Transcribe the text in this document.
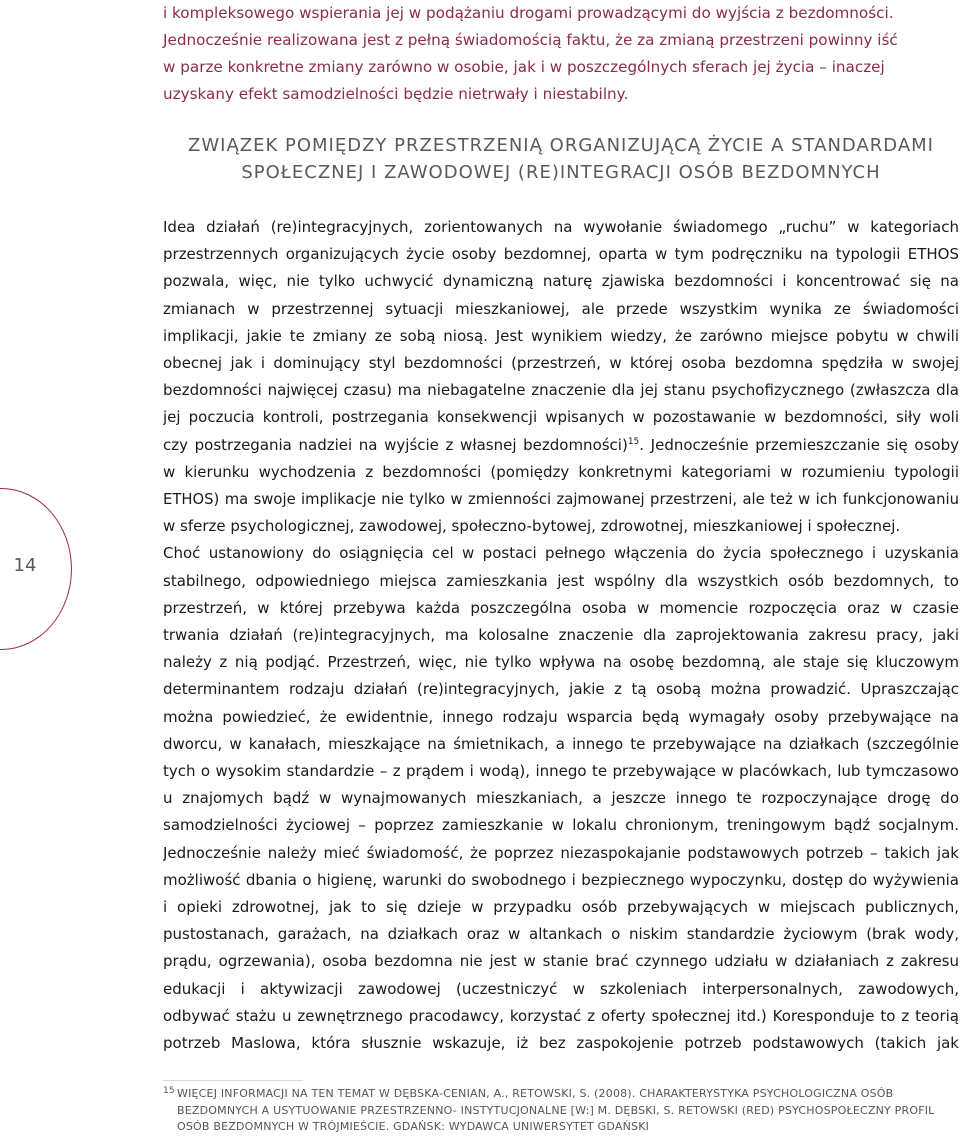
i kompleksowego wspierania jej w podążaniu drogami prowadzącymi do wyjścia z bezdomności.
Jednocześnie realizowana jest z pełną świadomością faktu, że za zmianą przestrzeni powinny iść
w parze konkretne zmiany zarówno w osobie, jak i w poszczególnych sferach jej życia – inaczej
uzyskany efekt samodzielności będzie nietrwały i niestabilny.
ZWIĄZEK POMIĘDZY PRZESTRZENIĄ ORGANIZUJĄCĄ ŻYCIE A STANDARDAMI
SPOŁECZNEJ I ZAWODOWEJ (RE)INTEGRACJI OSÓB BEZDOMNYCH
Idea działań (re)integracyjnych, zorientowanych na wywołanie świadomego „ruchu” w kategoriach
przestrzennych organizujących życie osoby bezdomnej, oparta w tym podręczniku na typologii ETHOS
pozwala, więc, nie tylko uchwycić dynamiczną naturę zjawiska bezdomności i koncentrować się na
zmianach w przestrzennej sytuacji mieszkaniowej, ale przede wszystkim wynika ze świadomości
implikacji, jakie te zmiany ze sobą niosą. Jest wynikiem wiedzy, że zarówno miejsce pobytu w chwili
obecnej jak i dominujący styl bezdomności (przestrzeń, w której osoba bezdomna spędziła w swojej
bezdomności najwięcej czasu) ma niebagatelne znaczenie dla jej stanu psychofizycznego (zwłaszcza dla
jej poczucia kontroli, postrzegania konsekwencji wpisanych w pozostawanie w bezdomności, siły woli
czy postrzegania nadziei na wyjście z własnej bezdomności)$^{15}$. Jednocześnie przemieszczanie się osoby
w kierunku wychodzenia z bezdomności (pomiędzy konkretnymi kategoriami w rozumieniu typologii
ETHOS) ma swoje implikacje nie tylko w zmienności zajmowanej przestrzeni, ale też w ich funkcjonowaniu
w sferze psychologicznej, zawodowej, społeczno-bytowej, zdrowotnej, mieszkaniowej i społecznej.
Choć ustanowiony do osiągnięcia cel w postaci pełnego włączenia do życia społecznego i uzyskania
stabilnego, odpowiedniego miejsca zamieszkania jest wspólny dla wszystkich osób bezdomnych, to
przestrzeń, w której przebywa każda poszczególna osoba w momencie rozpoczęcia oraz w czasie
trwania działań (re)integracyjnych, ma kolosalne znaczenie dla zaprojektowania zakresu pracy, jaki
należy z nią podjąć. Przestrzeń, więc, nie tylko wpływa na osobę bezdomną, ale staje się kluczowym
determinantem rodzaju działań (re)integracyjnych, jakie z tą osobą można prowadzić. Upraszczając
można powiedzieć, że ewidentnie, innego rodzaju wsparcia będą wymagały osoby przebywające na
dworcu, w kanałach, mieszkające na śmietnikach, a innego te przebywające na działkach (szczególnie
tych o wysokim standardzie – z prądem i wodą), innego te przebywające w placówkach, lub tymczasowo
u znajomych bądź w wynajmowanych mieszkaniach, a jeszcze innego te rozpoczynające drogę do
samodzielności życiowej – poprzez zamieszkanie w lokalu chronionym, treningowym bądź socjalnym.
Jednocześnie należy mieć świadomość, że poprzez niezaspokajanie podstawowych potrzeb – takich jak
możliwość dbania o higienę, warunki do swobodnego i bezpiecznego wypoczynku, dostęp do wyżywienia
i opieki zdrowotnej, jak to się dzieje w przypadku osób przebywających w miejscach publicznych,
pustostanach, garażach, na działkach oraz w altankach o niskim standardzie życiowym (brak wody,
prądu, ogrzewania), osoba bezdomna nie jest w stanie brać czynnego udziału w działaniach z zakresu
edukacji i aktywizacji zawodowej (uczestniczyć w szkoleniach interpersonalnych, zawodowych,
odbywać stażu u zewnętrznego pracodawcy, korzystać z oferty społecznej itd.) Koresponduje to z teorią
potrzeb Maslowa, która słusznie wskazuje, iż bez zaspokojenie potrzeb podstawowych (takich jak
14
15 WIĘCEJ INFORMACJI NA TEN TEMAT W DĘBSKA-CENIAN, A., RETOWSKI, S. (2008). CHARAKTERYSTYKA PSYCHOLOGICZNA OSÓB
BEZDOMNYCH A USYTUOWANIE PRZESTRZENNO- INSTYTUCJONALNE [W:] M. DĘBSKI, S. RETOWSKI (RED) PSYCHOSPOŁECZNY PROFIL
OSÓB BEZDOMNYCH W TRÓJMIEŚCIE. GDAŃSK: WYDAWCA UNIWERSYTET GDAŃSKI
